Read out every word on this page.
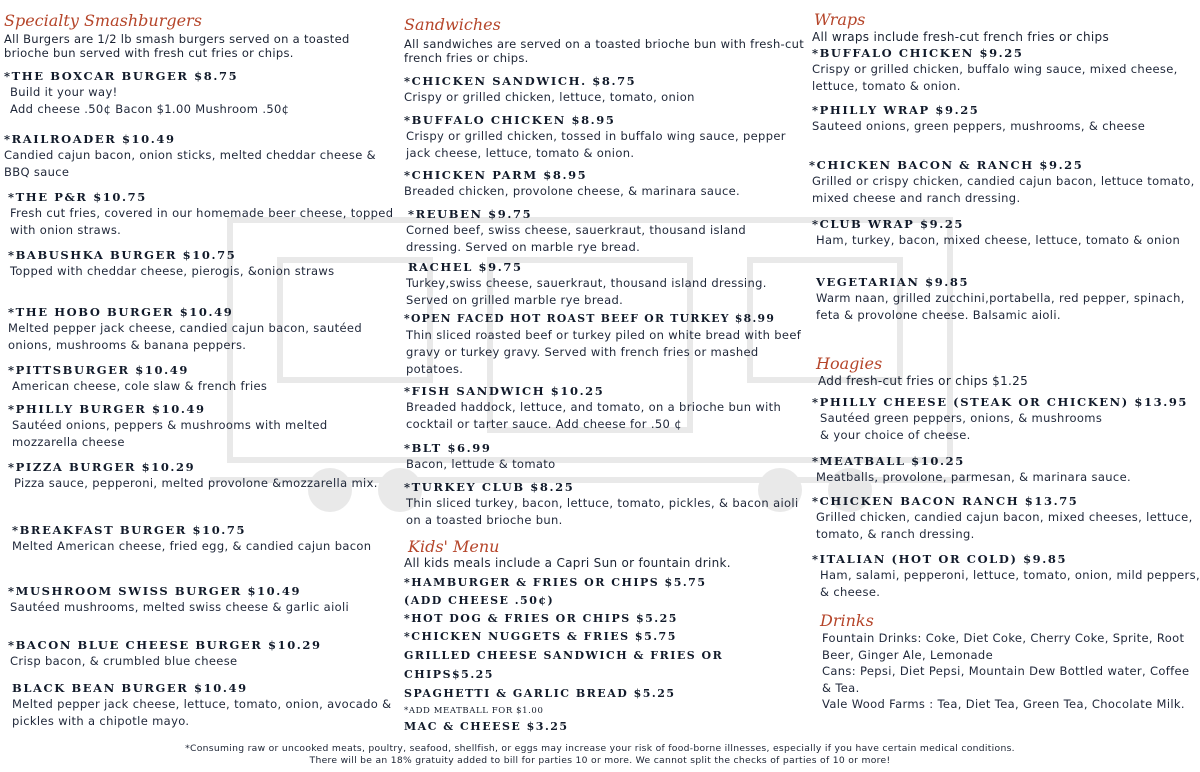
Specialty Smashburgers
All Burgers are 1/2 lb smash burgers served on a toasted brioche bun served with fresh cut fries or chips.
*THE BOXCAR BURGER $8.75
Build it your way!
Add cheese .50¢ Bacon $1.00 Mushroom .50¢
*RAILROADER $10.49
Candied cajun bacon, onion sticks, melted cheddar cheese & BBQ sauce
*THE P&R $10.75
Fresh cut fries, covered in our homemade beer cheese, topped with onion straws.
*BABUSHKA BURGER $10.75
Topped with cheddar cheese, pierogis, &onion straws
*THE HOBO BURGER $10.49
Melted pepper jack cheese, candied cajun bacon, sautéed onions, mushrooms & banana peppers.
*PITTSBURGER $10.49
American cheese, cole slaw & french fries
*PHILLY BURGER $10.49
Sautéed onions, peppers & mushrooms with melted mozzarella cheese
*PIZZA BURGER $10.29
Pizza sauce, pepperoni, melted provolone &mozzarella mix.
*BREAKFAST BURGER $10.75
Melted American cheese, fried egg, & candied cajun bacon
*MUSHROOM SWISS BURGER $10.49
Sautéed mushrooms, melted swiss cheese & garlic aioli
*BACON BLUE CHEESE BURGER $10.29
Crisp bacon, & crumbled blue cheese
BLACK BEAN BURGER $10.49
Melted pepper jack cheese, lettuce, tomato, onion, avocado & pickles with a chipotle mayo.
Sandwiches
All sandwiches are served on a toasted brioche bun with fresh-cut french fries or chips.
*CHICKEN SANDWICH. $8.75
Crispy or grilled chicken, lettuce, tomato, onion
*BUFFALO CHICKEN $8.95
Crispy or grilled chicken, tossed in buffalo wing sauce, pepper jack cheese, lettuce, tomato & onion.
*CHICKEN PARM $8.95
Breaded chicken, provolone cheese, & marinara sauce.
*REUBEN $9.75
Corned beef, swiss cheese, sauerkraut, thousand island dressing. Served on marble rye bread.
RACHEL $9.75
Turkey,swiss cheese, sauerkraut, thousand island dressing. Served on grilled marble rye bread.
*OPEN FACED HOT ROAST BEEF OR TURKEY $8.99
Thin sliced roasted beef or turkey piled on white bread with beef gravy or turkey gravy. Served with french fries or mashed potatoes.
*FISH SANDWICH $10.25
Breaded haddock, lettuce, and tomato, on a brioche bun with cocktail or tarter sauce. Add cheese for .50 ¢
*BLT $6.99
Bacon, lettude & tomato
*TURKEY CLUB $8.25
Thin sliced turkey, bacon, lettuce, tomato, pickles, & bacon aioli on a toasted brioche bun.
Kids' Menu
All kids meals include a Capri Sun or fountain drink.
*HAMBURGER & FRIES OR CHIPS $5.75
(ADD CHEESE .50¢)
*HOT DOG & FRIES OR CHIPS $5.25
*CHICKEN NUGGETS & FRIES $5.75
GRILLED CHEESE SANDWICH & FRIES OR
CHIPS$5.25
SPAGHETTI & GARLIC BREAD $5.25
*ADD MEATBALL FOR $1.00
MAC & CHEESE $3.25
Wraps
All wraps include fresh-cut french fries or chips
*BUFFALO CHICKEN $9.25
Crispy or grilled chicken, buffalo wing sauce, mixed cheese, lettuce, tomato & onion.
*PHILLY WRAP $9.25
Sauteed onions, green peppers, mushrooms, & cheese
*CHICKEN BACON & RANCH $9.25
Grilled or crispy chicken, candied cajun bacon, lettuce tomato, mixed cheese and ranch dressing.
*CLUB WRAP $9.25
Ham, turkey, bacon, mixed cheese, lettuce, tomato & onion
VEGETARIAN $9.85
Warm naan, grilled zucchini,portabella, red pepper, spinach, feta & provolone cheese. Balsamic aioli.
Hoagies
Add fresh-cut fries or chips $1.25
*PHILLY CHEESE (STEAK OR CHICKEN) $13.95
Sautéed green peppers, onions, & mushrooms
& your choice of cheese.
*MEATBALL $10.25
Meatballs, provolone, parmesan, & marinara sauce.
*CHICKEN BACON RANCH $13.75
Grilled chicken, candied cajun bacon, mixed cheeses, lettuce, tomato, & ranch dressing.
*ITALIAN (HOT OR COLD) $9.85
Ham, salami, pepperoni, lettuce, tomato, onion, mild peppers, & cheese.
Drinks
Fountain Drinks: Coke, Diet Coke, Cherry Coke, Sprite, Root Beer, Ginger Ale, Lemonade
Cans: Pepsi, Diet Pepsi, Mountain Dew Bottled water, Coffee & Tea.
Vale Wood Farms : Tea, Diet Tea, Green Tea, Chocolate Milk.
*Consuming raw or uncooked meats, poultry, seafood, shellfish, or eggs may increase your risk of food-borne illnesses, especially if you have certain medical conditions.
There will be an 18% gratuity added to bill for parties 10 or more. We cannot split the checks of parties of 10 or more!
